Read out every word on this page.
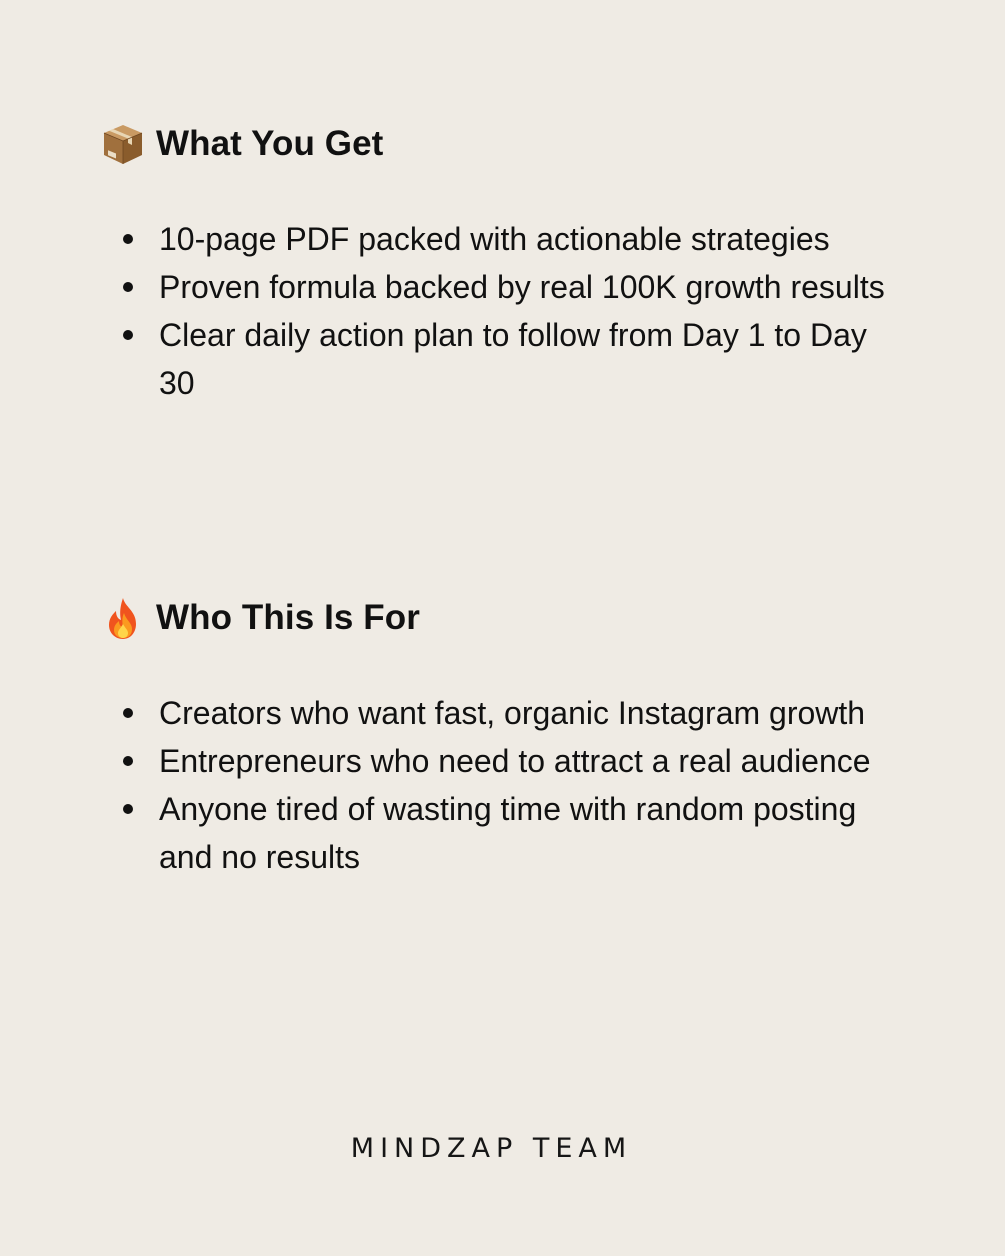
What You Get
10-page PDF packed with actionable strategies
Proven formula backed by real 100K growth results
Clear daily action plan to follow from Day 1 to Day 30
Who This Is For
Creators who want fast, organic Instagram growth
Entrepreneurs who need to attract a real audience
Anyone tired of wasting time with random posting and no results
MINDZAP TEAM
